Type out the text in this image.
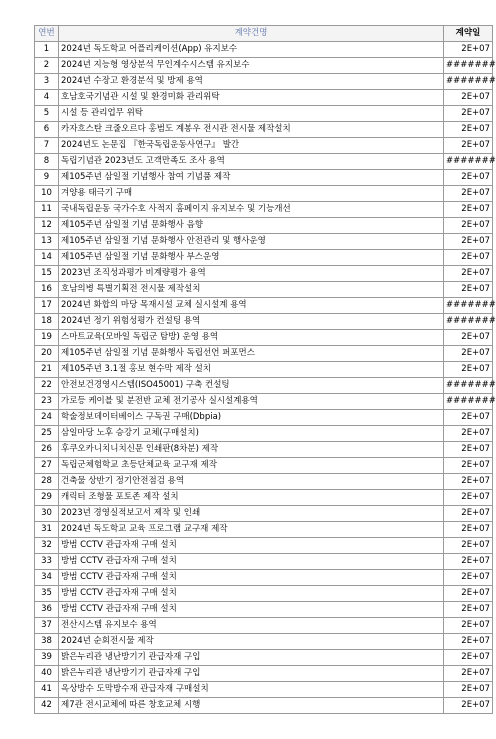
연번	계약건명	계약일
1	2024년 독도학교 어플리케이션(App) 유지보수	2E+07
2	2024년 지능형 영상분석 무인계수시스템 유지보수	#######
3	2024년 수장고 환경분석 및 방제 용역	#######
4	호남호국기념관 시설 및 환경미화 관리위탁	2E+07
5	시설 등 관리업무 위탁	2E+07
6	카자흐스탄 크줄오르다 홍범도 계봉우 전시관 전시물 제작설치	2E+07
7	2024년도 논문집 『한국독립운동사연구』 발간	2E+07
8	독립기념관 2023년도 고객만족도 조사 용역	#######
9	제105주년 삼일절 기념행사 참여 기념품 제작	2E+07
10	겨양용 태극기 구매	2E+07
11	국내독립운동 국가수호 사적지 홈페이지 유지보수 및 기능개선	2E+07
12	제105주년 삼일절 기념 문화행사 음향	2E+07
13	제105주년 삼일절 기념 문화행사 안전관리 및 행사운영	2E+07
14	제105주년 삼일절 기념 문화행사 부스운영	2E+07
15	2023년 조직성과평가 비계량평가 용역	2E+07
16	호남의병 특별기획전 전시물 제작설치	2E+07
17	2024년 화합의 마당 목재시설 교체 실시설계 용역	#######
18	2024년 정기 위험성평가 컨설팅 용역	#######
19	스마트교육(모바일 독립군 탐방) 운영 용역	2E+07
20	제105주년 삼일절 기념 문화행사 독립선언 퍼포먼스	2E+07
21	제105주년 3.1절 홍보 현수막 제작 설치	2E+07
22	안전보건경영시스템(ISO45001) 구축 컨설팅	#######
23	가로등 케이블 및 분전반 교체 전기공사 실시설계용역	#######
24	학술정보데이터베이스 구독권 구매(Dbpia)	2E+07
25	삼일마당 노후 승강기 교체(구매설치)	2E+07
26	후쿠오카니치니치신문 인쇄판(8차분) 제작	2E+07
27	독립군체험학교 초등단체교육 교구재 제작	2E+07
28	건축물 상반기 정기안전점검 용역	2E+07
29	캐릭터 조형물 포토존 제작 설치	2E+07
30	2023년 경영실적보고서 제작 및 인쇄	2E+07
31	2024년 독도학교 교육 프로그램 교구재 제작	2E+07
32	방범 CCTV 관급자재 구매 설치	2E+07
33	방범 CCTV 관급자재 구매 설치	2E+07
34	방범 CCTV 관급자재 구매 설치	2E+07
35	방범 CCTV 관급자재 구매 설치	2E+07
36	방범 CCTV 관급자재 구매 설치	2E+07
37	전산시스템 유지보수 용역	2E+07
38	2024년 순회전시물 제작	2E+07
39	밝은누리관 냉난방기기 관급자재 구입	2E+07
40	밝은누리관 냉난방기기 관급자재 구입	2E+07
41	옥상방수 도막방수재 관급자재 구매설치	2E+07
42	제7관 전시교체에 따른 창호교체 시행	2E+07
